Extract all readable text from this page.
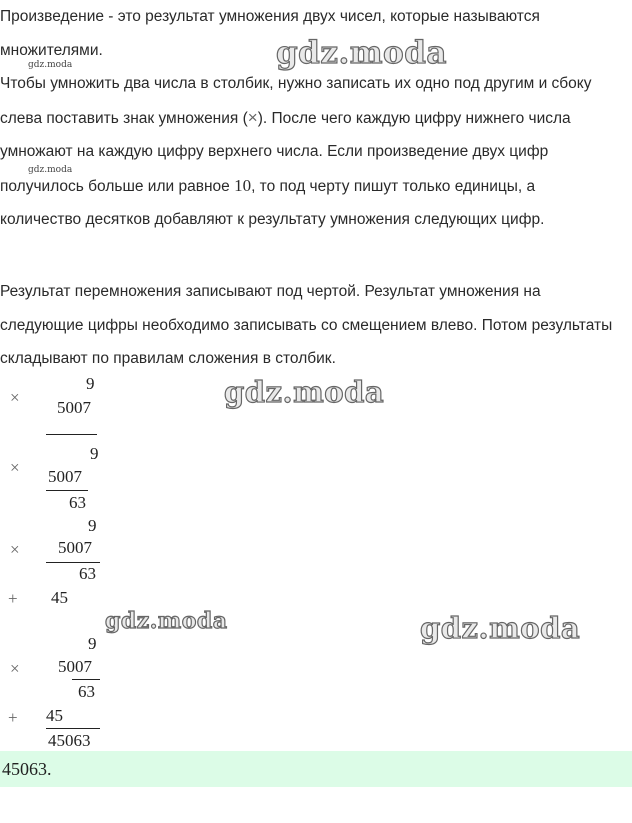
Произведение - это результат умножения двух чисел, которые называются множителями.
Чтобы умножить два числа в столбик, нужно записать их одно под другим и сбоку слева поставить знак умножения (×). После чего каждую цифру нижнего числа умножают на каждую цифру верхнего числа. Если произведение двух цифр получилось больше или равное 10, то под черту пишут только единицы, а количество десятков добавляют к результату умножения следующих цифр.
Результат перемножения записывают под чертой. Результат умножения на следующие цифры необходимо записывать со смещением влево. Потом результаты складывают по правилам сложения в столбик.
9
×
5007
9
× 5007
63
9
× 5007
63
+ 45
9
× 5007
63
+ 45
45063
gdz.moda
gdz.moda
gdz.moda
gdz.moda
gdz.moda	gdz.moda
45063.
